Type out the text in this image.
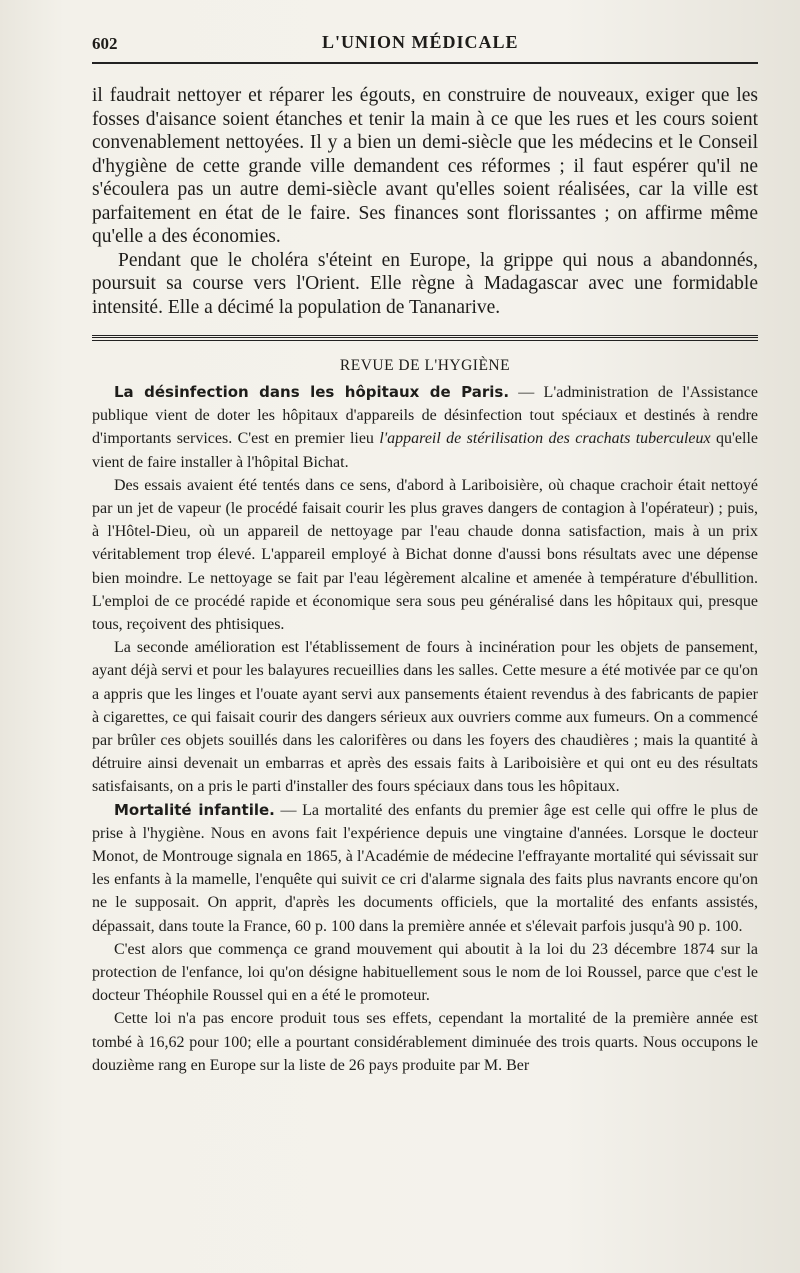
602	L'UNION MÉDICALE

il faudrait nettoyer et réparer les égouts, en construire de nouveaux, exiger que les fosses d'aisance soient étanches et tenir la main à ce que les rues et les cours soient convenablement nettoyées. Il y a bien un demi-siècle que les médecins et le Conseil d'hygiène de cette grande ville demandent ces réformes ; il faut espérer qu'il ne s'écoulera pas un autre demi-siècle avant qu'elles soient réalisées, car la ville est parfaitement en état de le faire. Ses finances sont florissantes ; on affirme même qu'elle a des économies.

Pendant que le choléra s'éteint en Europe, la grippe qui nous a abandonnés, poursuit sa course vers l'Orient. Elle règne à Madagascar avec une formidable intensité. Elle a décimé la population de Tananarive.

REVUE DE L'HYGIÈNE

La désinfection dans les hôpitaux de Paris. — L'administration de l'Assistance publique vient de doter les hôpitaux d'appareils de désinfection tout spéciaux et destinés à rendre d'importants services. C'est en premier lieu l'appareil de stérilisation des crachats tuberculeux qu'elle vient de faire installer à l'hôpital Bichat.

Des essais avaient été tentés dans ce sens, d'abord à Lariboisière, où chaque crachoir était nettoyé par un jet de vapeur (le procédé faisait courir les plus graves dangers de contagion à l'opérateur) ; puis, à l'Hôtel-Dieu, où un appareil de nettoyage par l'eau chaude donna satisfaction, mais à un prix véritablement trop élevé. L'appareil employé à Bichat donne d'aussi bons résultats avec une dépense bien moindre. Le nettoyage se fait par l'eau légèrement alcaline et amenée à température d'ébullition. L'emploi de ce procédé rapide et économique sera sous peu généralisé dans les hôpitaux qui, presque tous, reçoivent des phtisiques.

La seconde amélioration est l'établissement de fours à incinération pour les objets de pansement, ayant déjà servi et pour les balayures recueillies dans les salles. Cette mesure a été motivée par ce qu'on a appris que les linges et l'ouate ayant servi aux pansements étaient revendus à des fabricants de papier à cigarettes, ce qui faisait courir des dangers sérieux aux ouvriers comme aux fumeurs. On a commencé par brûler ces objets souillés dans les calorifères ou dans les foyers des chaudières ; mais la quantité à détruire ainsi devenait un embarras et après des essais faits à Lariboisière et qui ont eu des résultats satisfaisants, on a pris le parti d'installer des fours spéciaux dans tous les hôpitaux.

Mortalité infantile. — La mortalité des enfants du premier âge est celle qui offre le plus de prise à l'hygiène. Nous en avons fait l'expérience depuis une vingtaine d'années. Lorsque le docteur Monot, de Montrouge signala en 1865, à l'Académie de médecine l'effrayante mortalité qui sévissait sur les enfants à la mamelle, l'enquête qui suivit ce cri d'alarme signala des faits plus navrants encore qu'on ne le supposait. On apprit, d'après les documents officiels, que la mortalité des enfants assistés, dépassait, dans toute la France, 60 p. 100 dans la première année et s'élevait parfois jusqu'à 90 p. 100.

C'est alors que commença ce grand mouvement qui aboutit à la loi du 23 décembre 1874 sur la protection de l'enfance, loi qu'on désigne habituellement sous le nom de loi Roussel, parce que c'est le docteur Théophile Roussel qui en a été le promoteur.

Cette loi n'a pas encore produit tous ses effets, cependant la mortalité de la première année est tombé à 16,62 pour 100; elle a pourtant considérablement diminuée des trois quarts. Nous occupons le douzième rang en Europe sur la liste de 26 pays produite par M. Ber
